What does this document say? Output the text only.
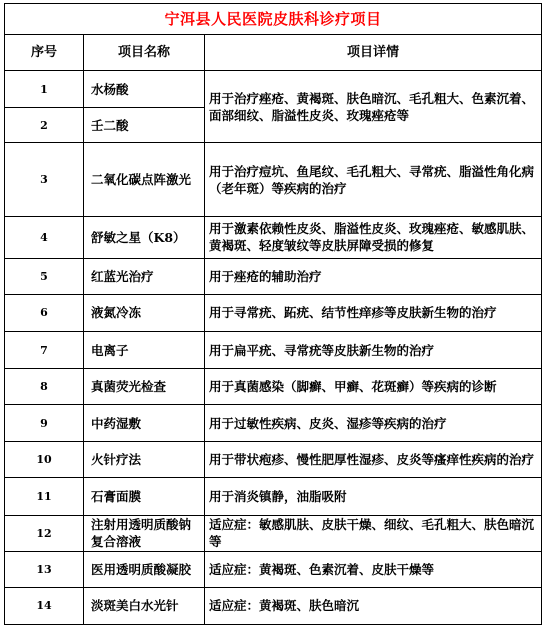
宁洱县人民医院皮肤科诊疗项目		
序号	项目名称	项目详情
1	水杨酸	用于治疗痤疮、黄褐斑、肤色暗沉、毛孔粗大、色素沉着、面部细纹、脂溢性皮炎、玫瑰痤疮等
2	壬二酸	
3	二氧化碳点阵激光	用于治疗痘坑、鱼尾纹、毛孔粗大、寻常疣、脂溢性角化病（老年斑）等疾病的治疗
4	舒敏之星（K8）	用于激素依赖性皮炎、脂溢性皮炎、玫瑰痤疮、敏感肌肤、黄褐斑、轻度皱纹等皮肤屏障受损的修复
5	红蓝光治疗	用于痤疮的辅助治疗
6	液氮冷冻	用于寻常疣、跖疣、结节性痒疹等皮肤新生物的治疗
7	电离子	用于扁平疣、寻常疣等皮肤新生物的治疗
8	真菌荧光检查	用于真菌感染（脚癣、甲癣、花斑癣）等疾病的诊断
9	中药湿敷	用于过敏性疾病、皮炎、湿疹等疾病的治疗
10	火针疗法	用于带状疱疹、慢性肥厚性湿疹、皮炎等瘙痒性疾病的治疗
11	石膏面膜	用于消炎镇静，油脂吸附
12	注射用透明质酸钠复合溶液	适应症：敏感肌肤、皮肤干燥、细纹、毛孔粗大、肤色暗沉等
13	医用透明质酸凝胶	适应症：黄褐斑、色素沉着、皮肤干燥等
14	淡斑美白水光针	适应症：黄褐斑、肤色暗沉
